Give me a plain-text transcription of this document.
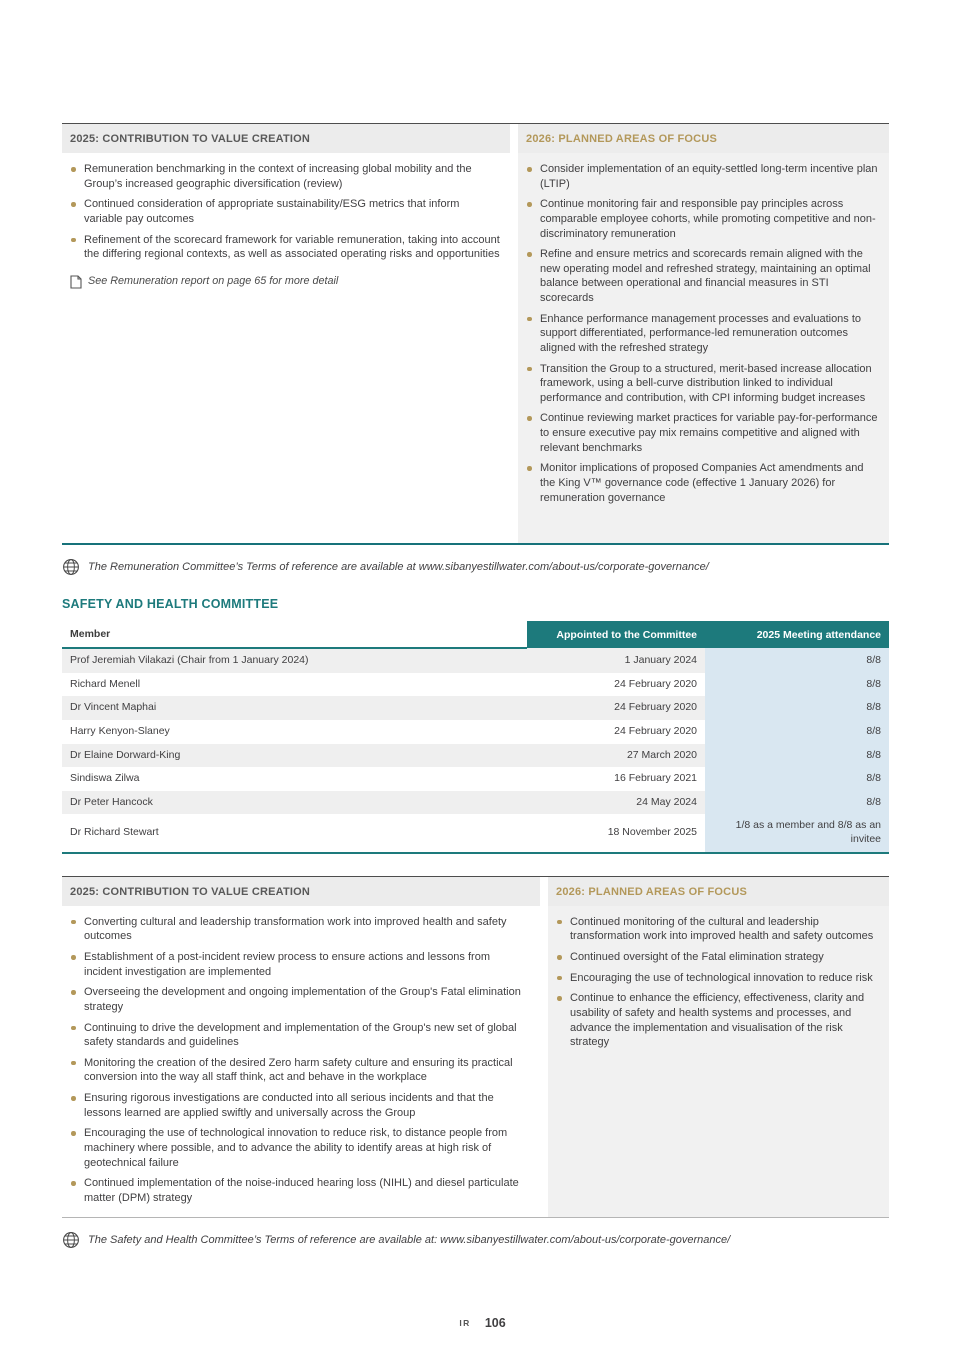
2025: CONTRIBUTION TO VALUE CREATION
Remuneration benchmarking in the context of increasing global mobility and the Group’s increased geographic diversification (review)
Continued consideration of appropriate sustainability/ESG metrics that inform variable pay outcomes
Refinement of the scorecard framework for variable remuneration, taking into account the differing regional contexts, as well as associated operating risks and opportunities
See Remuneration report on page 65 for more detail
2026: PLANNED AREAS OF FOCUS
Consider implementation of an equity-settled long-term incentive plan (LTIP)
Continue monitoring fair and responsible pay principles across comparable employee cohorts, while promoting competitive and non-discriminatory remuneration
Refine and ensure metrics and scorecards remain aligned with the new operating model and refreshed strategy, maintaining an optimal balance between operational and financial measures in STI scorecards
Enhance performance management processes and evaluations to support differentiated, performance-led remuneration outcomes aligned with the refreshed strategy
Transition the Group to a structured, merit-based increase allocation framework, using a bell-curve distribution linked to individual performance and contribution, with CPI informing budget increases
Continue reviewing market practices for variable pay-for-performance to ensure executive pay mix remains competitive and aligned with relevant benchmarks
Monitor implications of proposed Companies Act amendments and the King V™ governance code (effective 1 January 2026) for remuneration governance
The Remuneration Committee’s Terms of reference are available at www.sibanyestillwater.com/about-us/corporate-governance/
SAFETY AND HEALTH COMMITTEE
Member	Appointed to the Committee	2025 Meeting attendance
Prof Jeremiah Vilakazi (Chair from 1 January 2024)	1 January 2024	8/8
Richard Menell	24 February 2020	8/8
Dr Vincent Maphai	24 February 2020	8/8
Harry Kenyon-Slaney	24 February 2020	8/8
Dr Elaine Dorward-King	27 March 2020	8/8
Sindiswa Zilwa	16 February 2021	8/8
Dr Peter Hancock	24 May 2024	8/8
Dr Richard Stewart	18 November 2025	1/8 as a member and 8/8 as an invitee
2025: CONTRIBUTION TO VALUE CREATION
Converting cultural and leadership transformation work into improved health and safety outcomes
Establishment of a post-incident review process to ensure actions and lessons from incident investigation are implemented
Overseeing the development and ongoing implementation of the Group's Fatal elimination strategy
Continuing to drive the development and implementation of the Group's new set of global safety standards and guidelines
Monitoring the creation of the desired Zero harm safety culture and ensuring its practical conversion into the way all staff think, act and behave in the workplace
Ensuring rigorous investigations are conducted into all serious incidents and that the lessons learned are applied swiftly and universally across the Group
Encouraging the use of technological innovation to reduce risk, to distance people from machinery where possible, and to advance the ability to identify areas at high risk of geotechnical failure
Continued implementation of the noise-induced hearing loss (NIHL) and diesel particulate matter (DPM) strategy
2026: PLANNED AREAS OF FOCUS
Continued monitoring of the cultural and leadership transformation work into improved health and safety outcomes
Continued oversight of the Fatal elimination strategy
Encouraging the use of technological innovation to reduce risk
Continue to enhance the efficiency, effectiveness, clarity and usability of safety and health systems and processes, and advance the implementation and visualisation of the risk strategy
The Safety and Health Committee’s Terms of reference are available at: www.sibanyestillwater.com/about-us/corporate-governance/
IR 106
